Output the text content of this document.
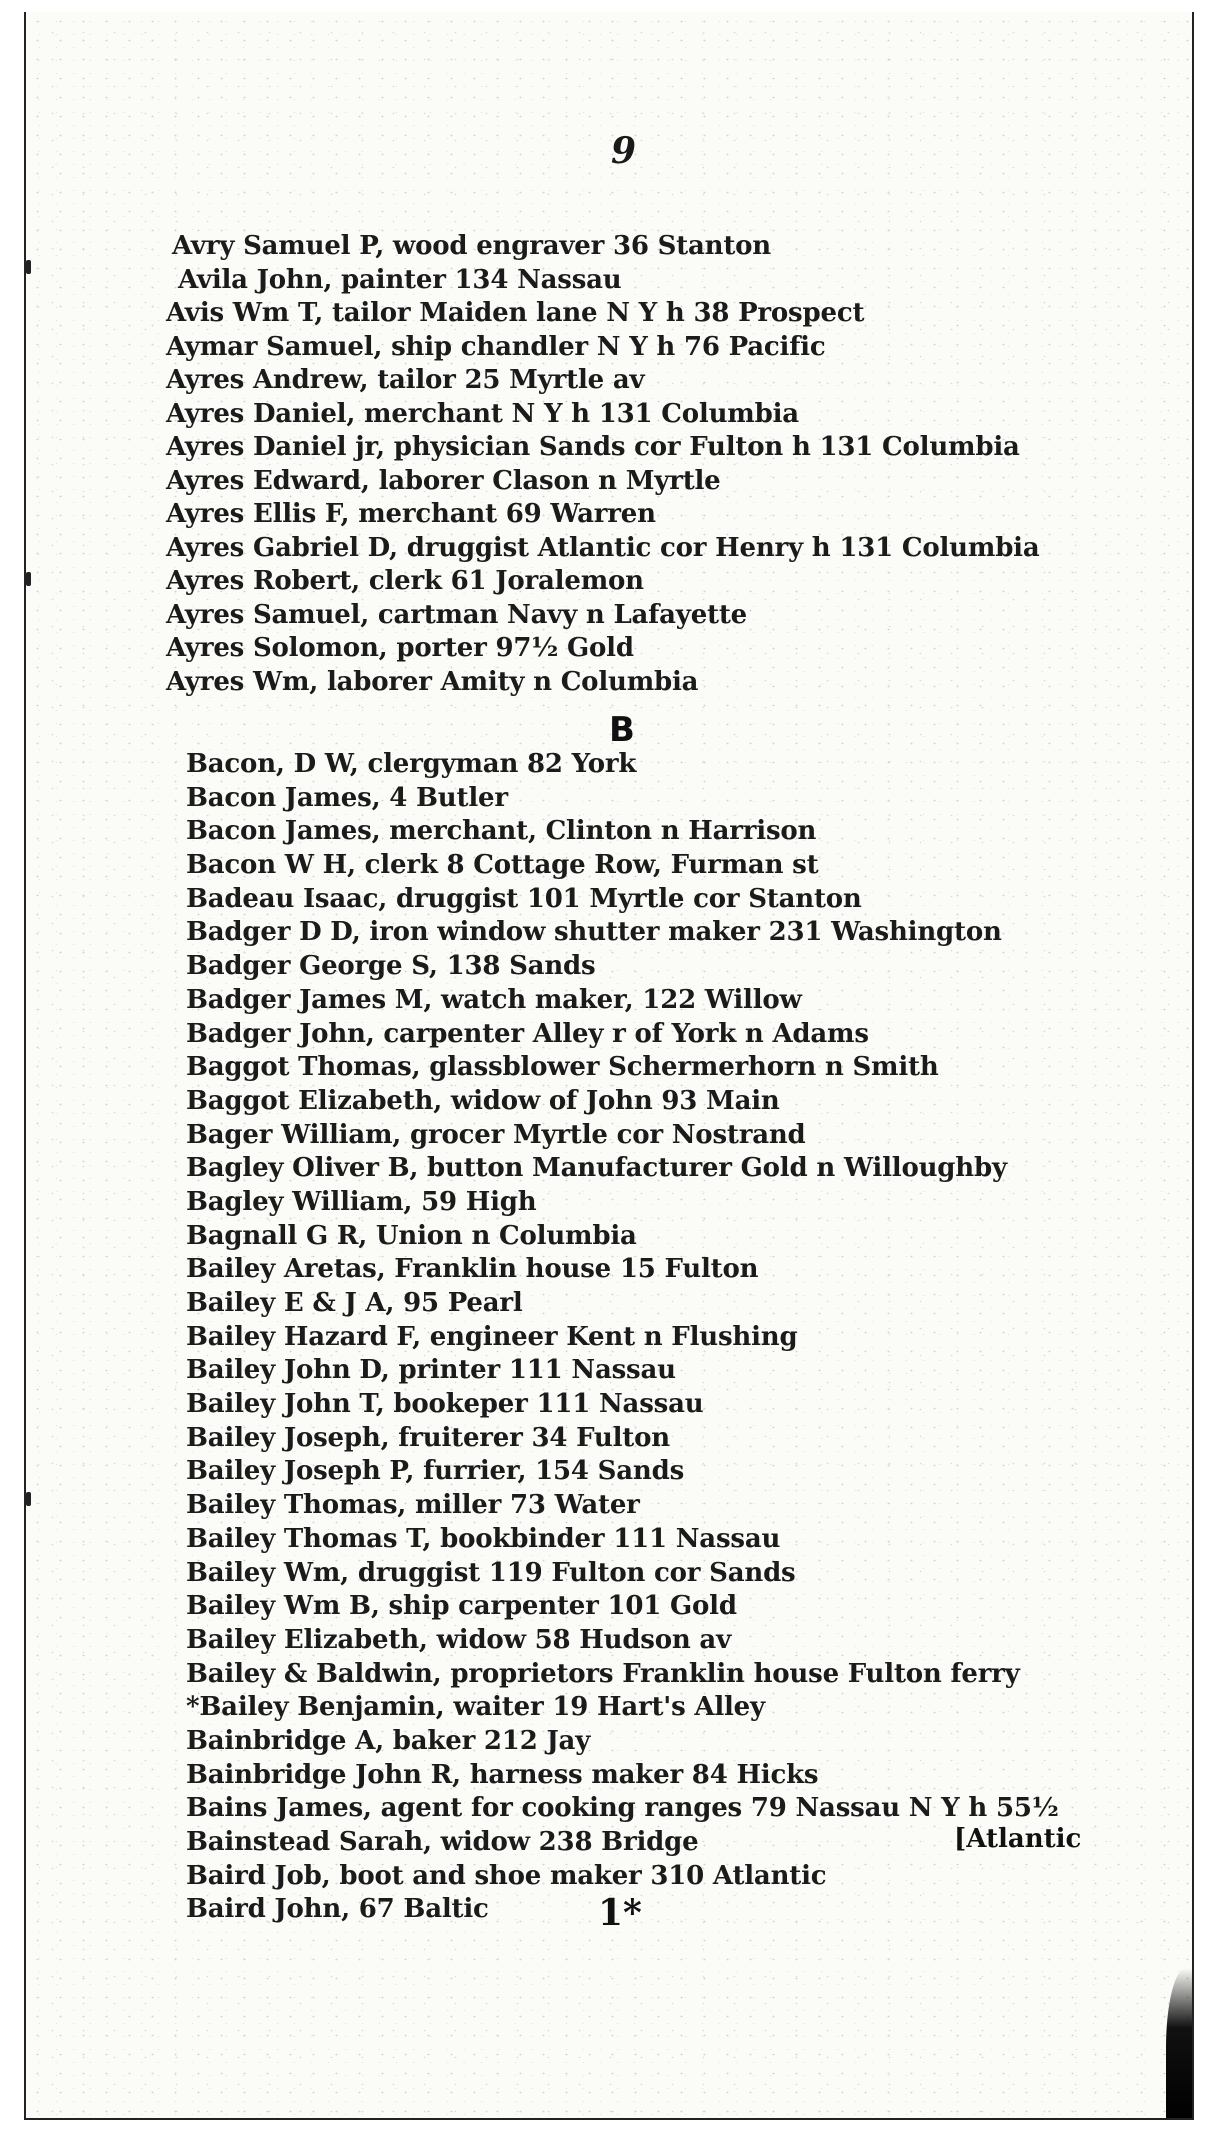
9
Avry Samuel P, wood engraver 36 Stanton
Avila John, painter 134 Nassau
Avis Wm T, tailor Maiden lane N Y h 38 Prospect
Aymar Samuel, ship chandler N Y h 76 Pacific
Ayres Andrew, tailor 25 Myrtle av
Ayres Daniel, merchant N Y h 131 Columbia
Ayres Daniel jr, physician Sands cor Fulton h 131 Columbia
Ayres Edward, laborer Clason n Myrtle
Ayres Ellis F, merchant 69 Warren
Ayres Gabriel D, druggist Atlantic cor Henry h 131 Columbia
Ayres Robert, clerk 61 Joralemon
Ayres Samuel, cartman Navy n Lafayette
Ayres Solomon, porter 97½ Gold
Ayres Wm, laborer Amity n Columbia
B
Bacon, D W, clergyman 82 York
Bacon James, 4 Butler
Bacon James, merchant, Clinton n Harrison
Bacon W H, clerk 8 Cottage Row, Furman st
Badeau Isaac, druggist 101 Myrtle cor Stanton
Badger D D, iron window shutter maker 231 Washington
Badger George S, 138 Sands
Badger James M, watch maker, 122 Willow
Badger John, carpenter Alley r of York n Adams
Baggot Thomas, glassblower Schermerhorn n Smith
Baggot Elizabeth, widow of John 93 Main
Bager William, grocer Myrtle cor Nostrand
Bagley Oliver B, button Manufacturer Gold n Willoughby
Bagley William, 59 High
Bagnall G R, Union n Columbia
Bailey Aretas, Franklin house 15 Fulton
Bailey E & J A, 95 Pearl
Bailey Hazard F, engineer Kent n Flushing
Bailey John D, printer 111 Nassau
Bailey John T, bookeper 111 Nassau
Bailey Joseph, fruiterer 34 Fulton
Bailey Joseph P, furrier, 154 Sands
Bailey Thomas, miller 73 Water
Bailey Thomas T, bookbinder 111 Nassau
Bailey Wm, druggist 119 Fulton cor Sands
Bailey Wm B, ship carpenter 101 Gold
Bailey Elizabeth, widow 58 Hudson av
Bailey & Baldwin, proprietors Franklin house Fulton ferry
*Bailey Benjamin, waiter 19 Hart's Alley
Bainbridge A, baker 212 Jay
Bainbridge John R, harness maker 84 Hicks
Bains James, agent for cooking ranges 79 Nassau N Y h 55½
Bainstead Sarah, widow 238 Bridge
Baird Job, boot and shoe maker 310 Atlantic
Baird John, 67 Baltic
[Atlantic
1*
